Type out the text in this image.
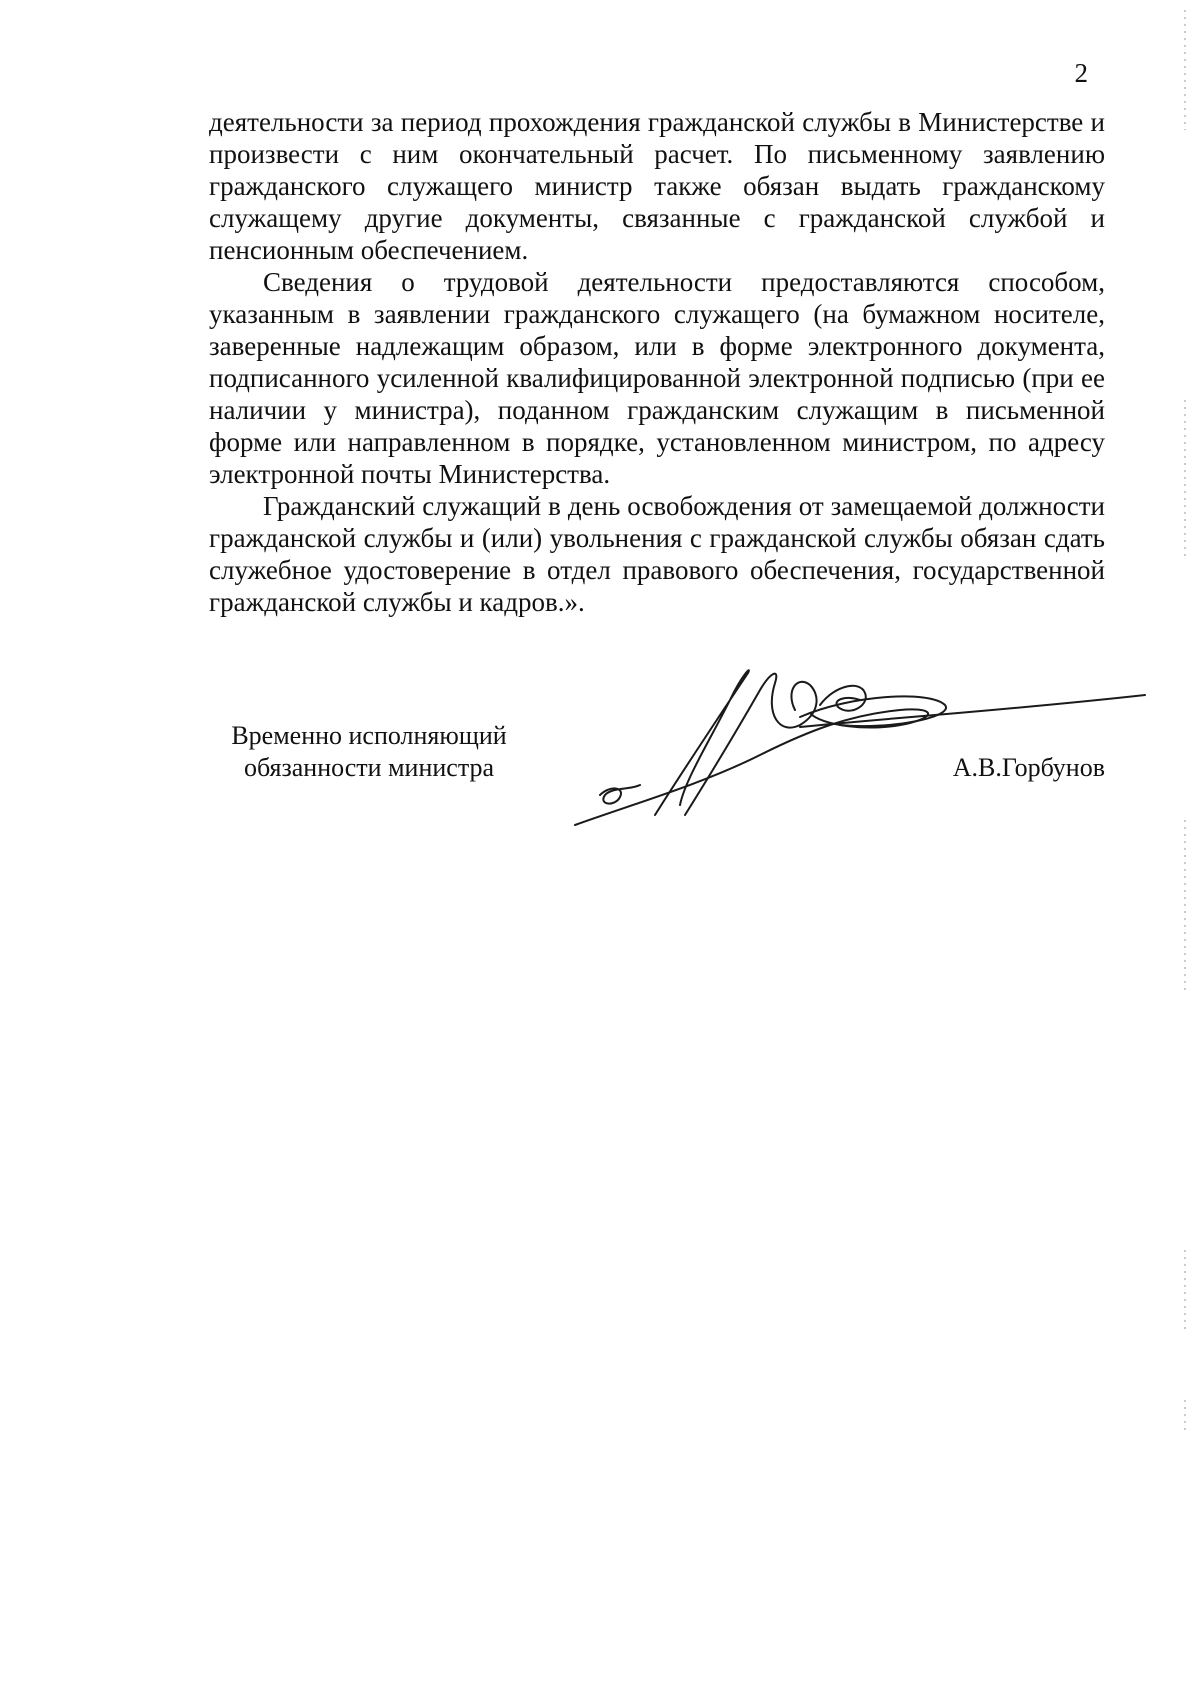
2

деятельности за период прохождения гражданской службы в Министерстве и произвести с ним окончательный расчет. По письменному заявлению гражданского служащего министр также обязан выдать гражданскому служащему другие документы, связанные с гражданской службой и пенсионным обеспечением.

Сведения о трудовой деятельности предоставляются способом, указанным в заявлении гражданского служащего (на бумажном носителе, заверенные надлежащим образом, или в форме электронного документа, подписанного усиленной квалифицированной электронной подписью (при ее наличии у министра), поданном гражданским служащим в письменной форме или направленном в порядке, установленном министром, по адресу электронной почты Министерства.

Гражданский служащий в день освобождения от замещаемой должности гражданской службы и (или) увольнения с гражданской службы обязан сдать служебное удостоверение в отдел правового обеспечения, государственной гражданской службы и кадров.».

Временно исполняющий
обязанности министра	А.В.Горбунов
